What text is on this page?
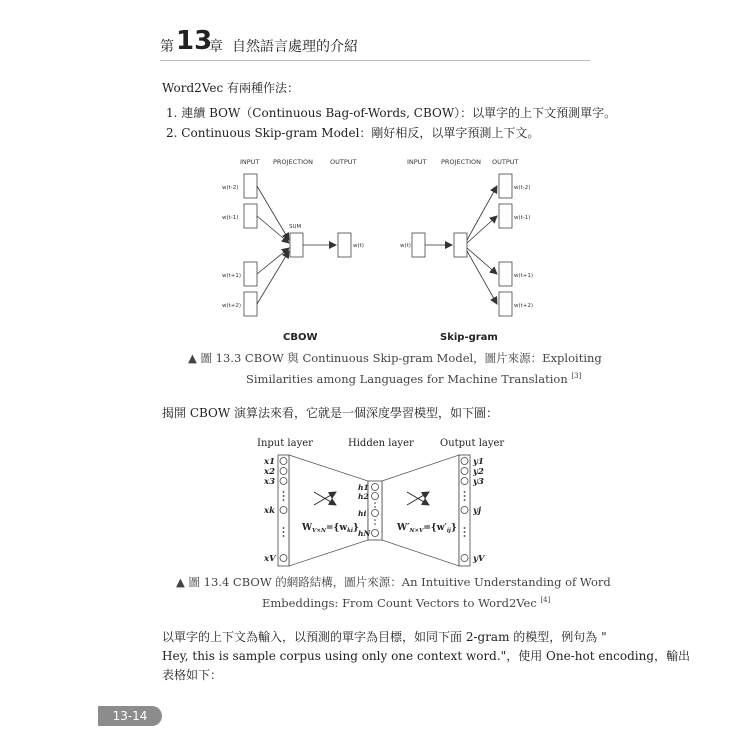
第 13
章 自然語言處理的介紹
Word2Vec 有兩種作法：
1. 連續 BOW（Continuous Bag-of-Words, CBOW）：以單字的上下文預測單字。
2. Continuous Skip-gram Model：剛好相反，以單字預測上下文。
INPUT PROJECTION	OUTPUT
w(t-2)
w(t-1)
w(t+1)
w(t+2)
SUM
w(t)
CBOW
INPUT PROJECTION OUTPUT
w(t)
w(t-2)
w(t-1)
w(t+1)
w(t+2)
Skip-gram
▲ 圖 13.3 CBOW 與 Continuous Skip-gram Model，圖片來源：Exploiting
Similarities among Languages for Machine Translation [3]
揭開 CBOW 演算法來看，它就是一個深度學習模型，如下圖：
Input layer	Hidden layer	Output layer
x1
x2
x3
xk
xV
h1
h2
hi
hN
y1
y2
y3
yj
yV
$W_{V\times N}=\{w_{ki}\}$	$W'_{N\times V}=\{w'_{ij}\}$
▲ 圖 13.4 CBOW 的網路結構，圖片來源：An Intuitive Understanding of Word
Embeddings: From Count Vectors to Word2Vec [4]
以單字的上下文為輸入，以預測的單字為目標，如同下面 2-gram 的模型，例句為 "
Hey, this is sample corpus using only one context word."，使用 One-hot encoding，輸出
表格如下：
13-14
